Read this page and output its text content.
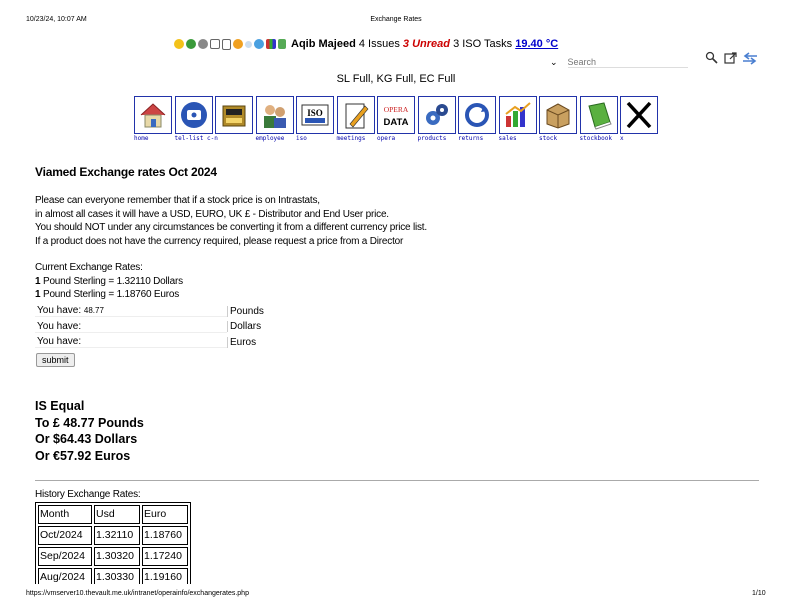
10/23/24, 10:07 AM	Exchange Rates
Aqib Majeed
4
Issues
3
Unread
3
ISO Tasks
19.40 °C
⌄
Search
SL Full, KG Full, EC Full
home	tel-list c-n	employee
ISO
iso	meetings
OPERA
DATA
opera	products	returns	sales	stock	stockbook	x
Viamed Exchange rates Oct 2024
Please can everyone remember that if a stock price is on Intrastats,
in almost all cases it will have a USD, EURO, UK £ - Distributor and End User price.
You should NOT under any circumstances be converting it from a different currency price list.
If a product does not have the currency required, please request a price from a Director
Current Exchange Rates:
1 Pound Sterling = 1.32110 Dollars
1 Pound Sterling = 1.18760 Euros
You have: 48.77	Pounds
You have:	Dollars
You have:	Euros
submit
IS Equal
To £ 48.77 Pounds
Or $64.43 Dollars
Or €57.92 Euros
History Exchange Rates:
Month	Usd	Euro
Oct/2024	1.32110	1.18760
Sep/2024	1.30320	1.17240
Aug/2024	1.30330	1.19160
https://vmserver10.thevault.me.uk/intranet/operainfo/exchangerates.php	1/10
